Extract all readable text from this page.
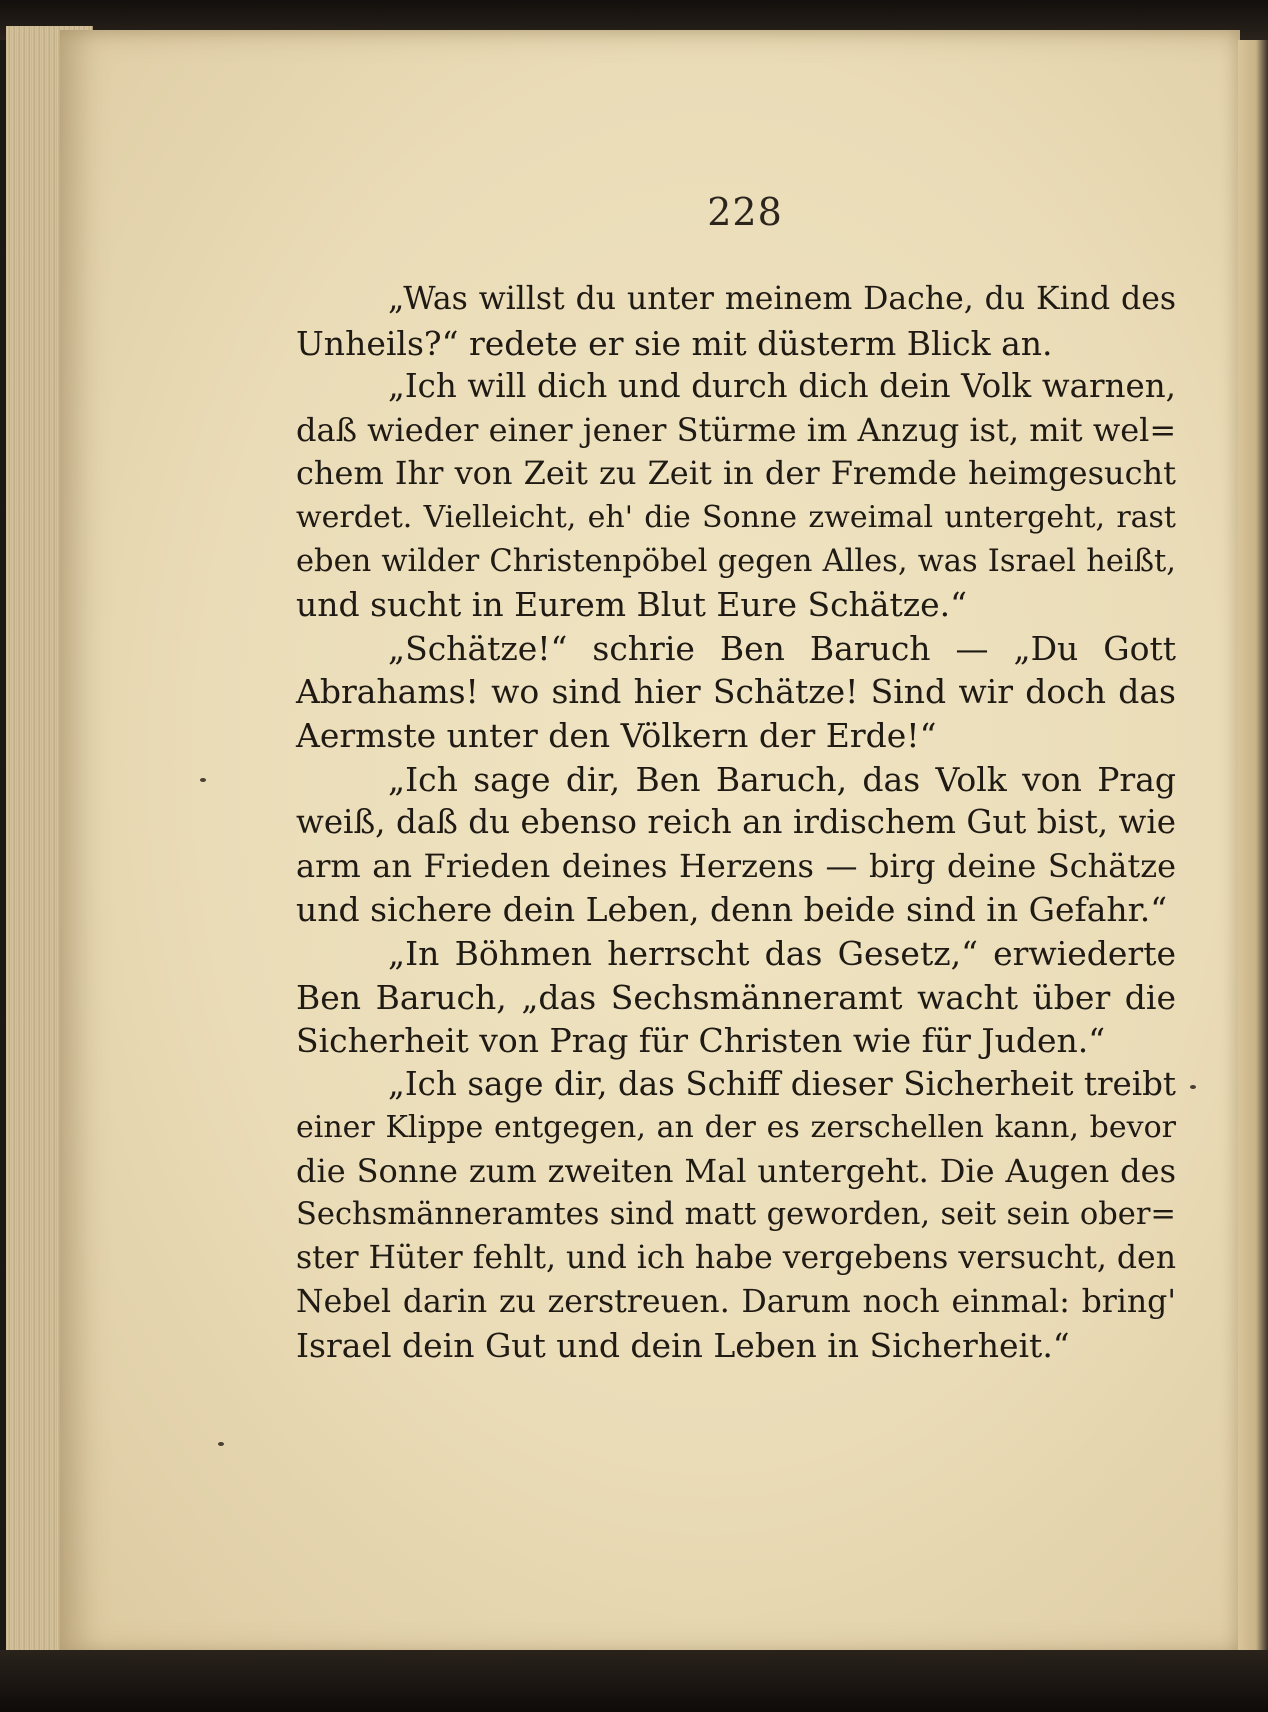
228
„Was willst du unter meinem Dache, du Kind des
Unheils?“ redete er sie mit düsterm Blick an.
„Ich will dich und durch dich dein Volk warnen,
daß wieder einer jener Stürme im Anzug ist, mit wel=
chem Ihr von Zeit zu Zeit in der Fremde heimgesucht
werdet. Vielleicht, eh' die Sonne zweimal untergeht, rast
eben wilder Christenpöbel gegen Alles, was Israel heißt,
und sucht in Eurem Blut Eure Schätze.“
„Schätze!“ schrie Ben Baruch — „Du Gott
Abrahams! wo sind hier Schätze! Sind wir doch das
Aermste unter den Völkern der Erde!“
„Ich sage dir, Ben Baruch, das Volk von Prag
weiß, daß du ebenso reich an irdischem Gut bist, wie
arm an Frieden deines Herzens — birg deine Schätze
und sichere dein Leben, denn beide sind in Gefahr.“
„In Böhmen herrscht das Gesetz,“ erwiederte
Ben Baruch, „das Sechsmänneramt wacht über die
Sicherheit von Prag für Christen wie für Juden.“
„Ich sage dir, das Schiff dieser Sicherheit treibt
einer Klippe entgegen, an der es zerschellen kann, bevor
die Sonne zum zweiten Mal untergeht. Die Augen des
Sechsmänneramtes sind matt geworden, seit sein ober=
ster Hüter fehlt, und ich habe vergebens versucht, den
Nebel darin zu zerstreuen. Darum noch einmal: bring'
Israel dein Gut und dein Leben in Sicherheit.“
